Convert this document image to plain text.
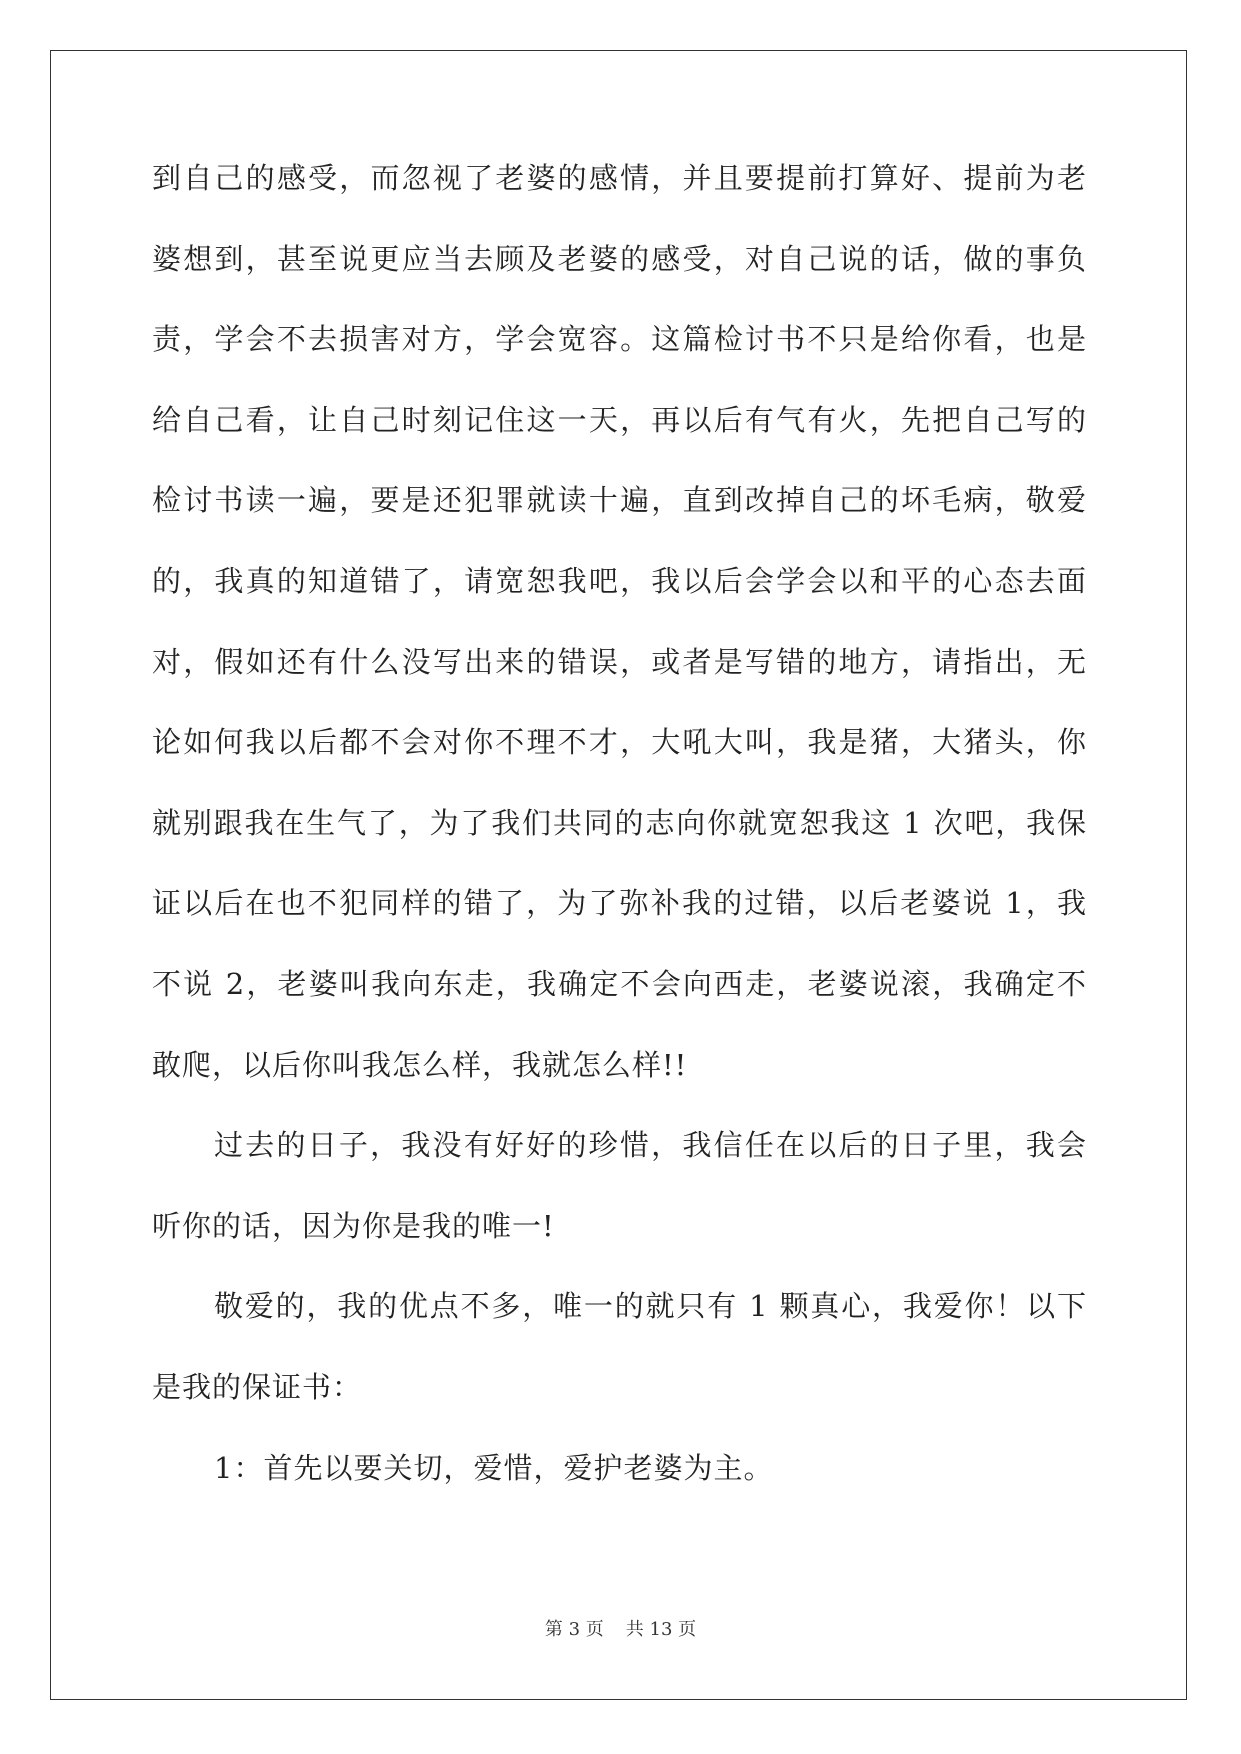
到自己的感受，而忽视了老婆的感情，并且要提前打算好、提前为老
婆想到，甚至说更应当去顾及老婆的感受，对自己说的话，做的事负
责，学会不去损害对方，学会宽容。这篇检讨书不只是给你看，也是
给自己看，让自己时刻记住这一天，再以后有气有火，先把自己写的
检讨书读一遍，要是还犯罪就读十遍，直到改掉自己的坏毛病，敬爱
的，我真的知道错了，请宽恕我吧，我以后会学会以和平的心态去面
对，假如还有什么没写出来的错误，或者是写错的地方，请指出，无
论如何我以后都不会对你不理不才，大吼大叫，我是猪，大猪头，你
就别跟我在生气了，为了我们共同的志向你就宽恕我这 1 次吧，我保
证以后在也不犯同样的错了，为了弥补我的过错，以后老婆说 1，我
不说 2，老婆叫我向东走，我确定不会向西走，老婆说滚，我确定不
敢爬，以后你叫我怎么样，我就怎么样!!
过去的日子，我没有好好的珍惜，我信任在以后的日子里，我会
听你的话，因为你是我的唯一!
敬爱的，我的优点不多，唯一的就只有 1 颗真心，我爱你！以下
是我的保证书：
1：首先以要关切，爱惜，爱护老婆为主。
第 3 页 共 13 页
